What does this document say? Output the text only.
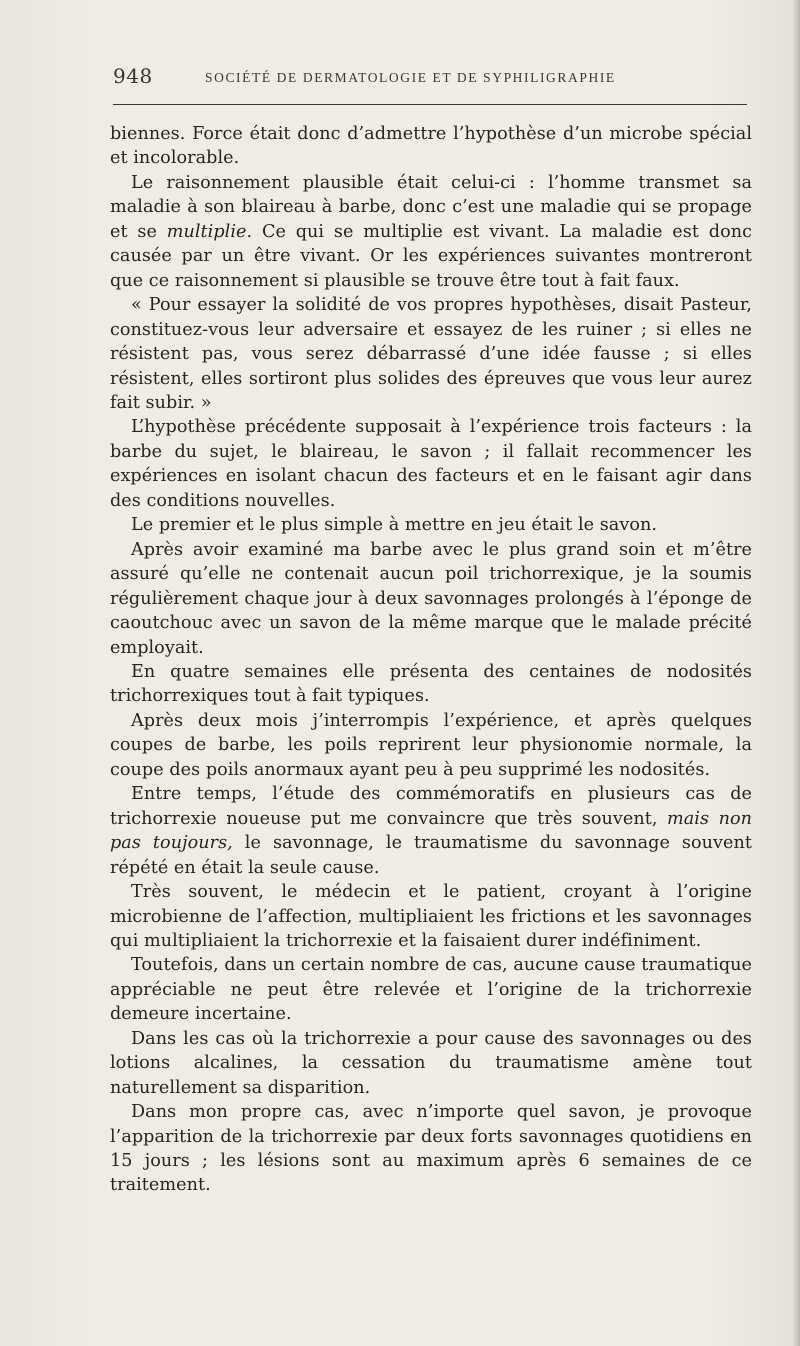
948	SOCIÉTÉ DE DERMATOLOGIE ET DE SYPHILIGRAPHIE

biennes. Force était donc d’admettre l’hypothèse d’un microbe spécial et incolorable.

Le raisonnement plausible était celui-ci : l’homme transmet sa maladie à son blaireau à barbe, donc c’est une maladie qui se propage et se multiplie. Ce qui se multiplie est vivant. La maladie est donc causée par un être vivant. Or les expériences suivantes montreront que ce raisonnement si plausible se trouve être tout à fait faux.

« Pour essayer la solidité de vos propres hypothèses, disait Pasteur, constituez-vous leur adversaire et essayez de les ruiner ; si elles ne résistent pas, vous serez débarrassé d’une idée fausse ; si elles résistent, elles sortiront plus solides des épreuves que vous leur aurez fait subir. »

L’hypothèse précédente supposait à l’expérience trois facteurs : la barbe du sujet, le blaireau, le savon ; il fallait recommencer les expériences en isolant chacun des facteurs et en le faisant agir dans des conditions nouvelles.

Le premier et le plus simple à mettre en jeu était le savon.

Après avoir examiné ma barbe avec le plus grand soin et m’être assuré qu’elle ne contenait aucun poil trichorrexique, je la soumis régulièrement chaque jour à deux savonnages prolongés à l’éponge de caoutchouc avec un savon de la même marque que le malade précité employait.

En quatre semaines elle présenta des centaines de nodosités trichorrexiques tout à fait typiques.

Après deux mois j’interrompis l’expérience, et après quelques coupes de barbe, les poils reprirent leur physionomie normale, la coupe des poils anormaux ayant peu à peu supprimé les nodosités.

Entre temps, l’étude des commémoratifs en plusieurs cas de trichorrexie noueuse put me convaincre que très souvent, mais non pas toujours, le savonnage, le traumatisme du savonnage souvent répété en était la seule cause.

Très souvent, le médecin et le patient, croyant à l’origine microbienne de l’affection, multipliaient les frictions et les savonnages qui multipliaient la trichorrexie et la faisaient durer indéfiniment.

Toutefois, dans un certain nombre de cas, aucune cause traumatique appréciable ne peut être relevée et l’origine de la trichorrexie demeure incertaine.

Dans les cas où la trichorrexie a pour cause des savonnages ou des lotions alcalines, la cessation du traumatisme amène tout naturellement sa disparition.

Dans mon propre cas, avec n’importe quel savon, je provoque l’apparition de la trichorrexie par deux forts savonnages quotidiens en 15 jours ; les lésions sont au maximum après 6 semaines de ce traitement.
